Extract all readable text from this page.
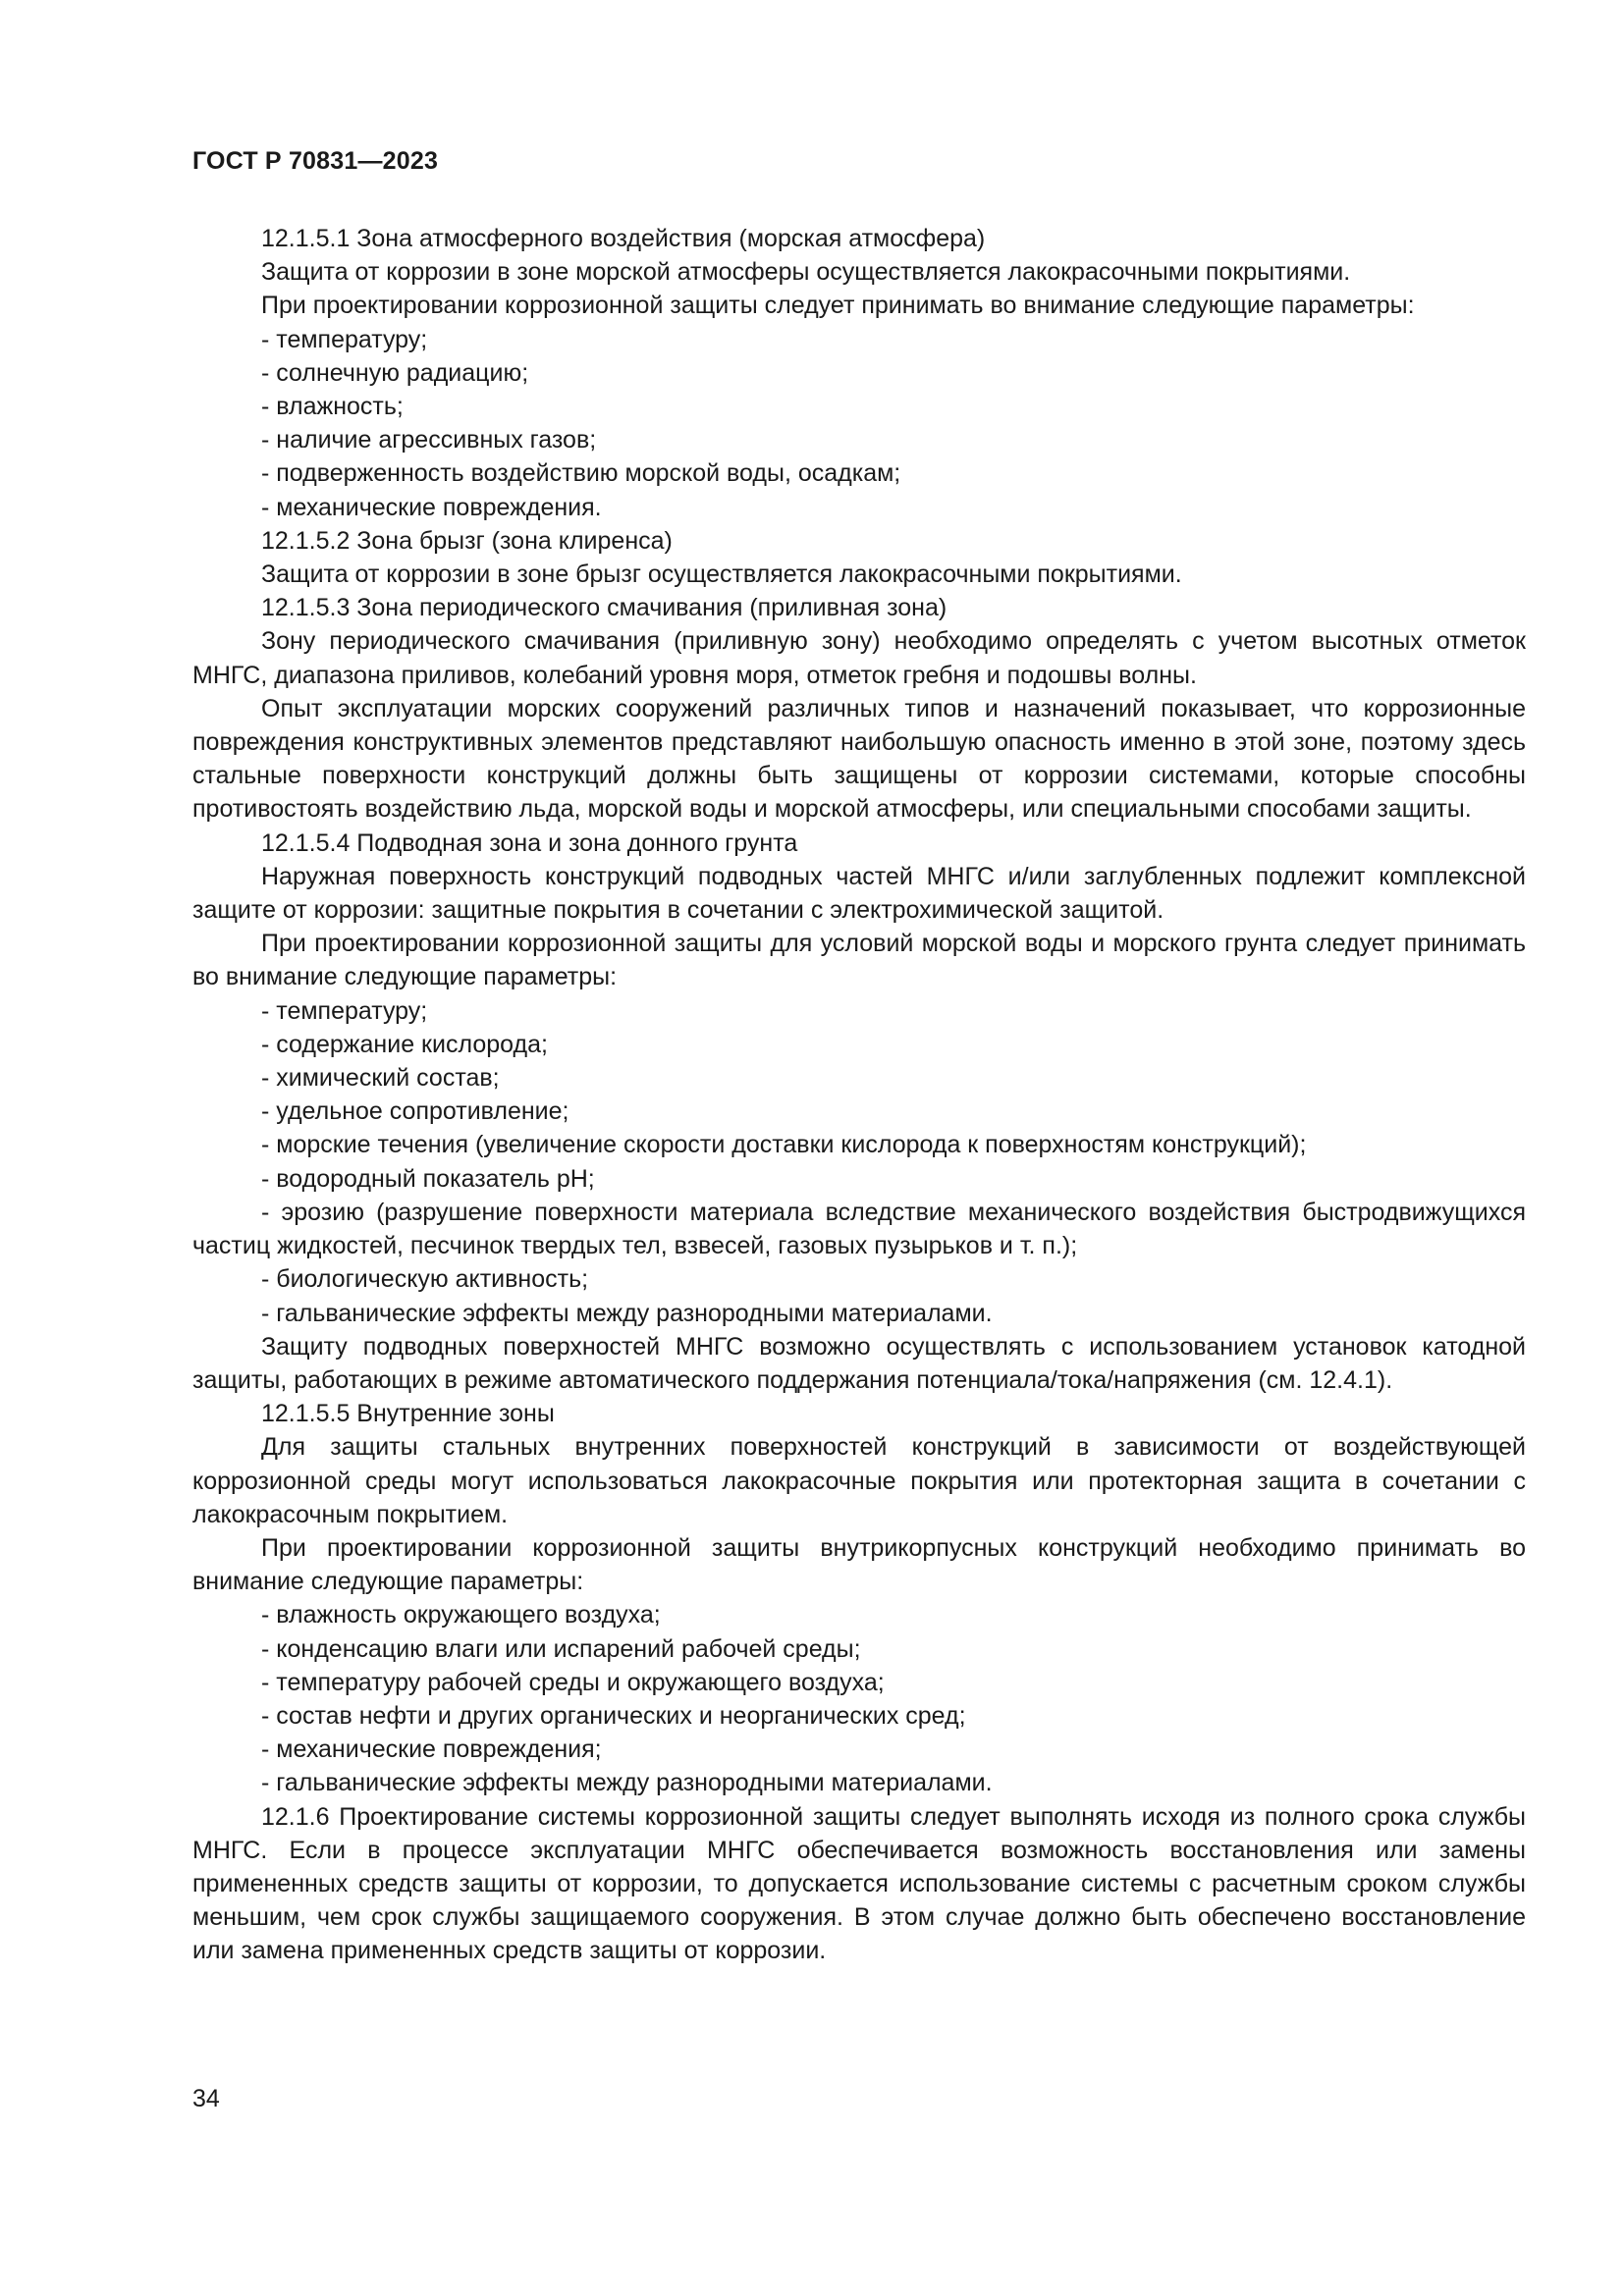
ГОСТ Р 70831—2023

12.1.5.1 Зона атмосферного воздействия (морская атмосфера)

Защита от коррозии в зоне морской атмосферы осуществляется лакокрасочными покрытиями.

При проектировании коррозионной защиты следует принимать во внимание следующие параметры:

- температуру;

- солнечную радиацию;

- влажность;

- наличие агрессивных газов;

- подверженность воздействию морской воды, осадкам;

- механические повреждения.

12.1.5.2 Зона брызг (зона клиренса)

Защита от коррозии в зоне брызг осуществляется лакокрасочными покрытиями.

12.1.5.3 Зона периодического смачивания (приливная зона)

Зону периодического смачивания (приливную зону) необходимо определять с учетом высотных отметок МНГС, диапазона приливов, колебаний уровня моря, отметок гребня и подошвы волны.

Опыт эксплуатации морских сооружений различных типов и назначений показывает, что коррозионные повреждения конструктивных элементов представляют наибольшую опасность именно в этой зоне, поэтому здесь стальные поверхности конструкций должны быть защищены от коррозии системами, которые способны противостоять воздействию льда, морской воды и морской атмосферы, или специальными способами защиты.

12.1.5.4 Подводная зона и зона донного грунта

Наружная поверхность конструкций подводных частей МНГС и/или заглубленных подлежит комплексной защите от коррозии: защитные покрытия в сочетании с электрохимической защитой.

При проектировании коррозионной защиты для условий морской воды и морского грунта следует принимать во внимание следующие параметры:

- температуру;

- содержание кислорода;

- химический состав;

- удельное сопротивление;

- морские течения (увеличение скорости доставки кислорода к поверхностям конструкций);

- водородный показатель рН;

- эрозию (разрушение поверхности материала вследствие механического воздействия быстродвижущихся частиц жидкостей, песчинок твердых тел, взвесей, газовых пузырьков и т. п.);

- биологическую активность;

- гальванические эффекты между разнородными материалами.

Защиту подводных поверхностей МНГС возможно осуществлять с использованием установок катодной защиты, работающих в режиме автоматического поддержания потенциала/тока/напряжения (см. 12.4.1).

12.1.5.5 Внутренние зоны

Для защиты стальных внутренних поверхностей конструкций в зависимости от воздействующей коррозионной среды могут использоваться лакокрасочные покрытия или протекторная защита в сочетании с лакокрасочным покрытием.

При проектировании коррозионной защиты внутрикорпусных конструкций необходимо принимать во внимание следующие параметры:

- влажность окружающего воздуха;

- конденсацию влаги или испарений рабочей среды;

- температуру рабочей среды и окружающего воздуха;

- состав нефти и других органических и неорганических сред;

- механические повреждения;

- гальванические эффекты между разнородными материалами.

12.1.6 Проектирование системы коррозионной защиты следует выполнять исходя из полного срока службы МНГС. Если в процессе эксплуатации МНГС обеспечивается возможность восстановления или замены примененных средств защиты от коррозии, то допускается использование системы с расчетным сроком службы меньшим, чем срок службы защищаемого сооружения. В этом случае должно быть обеспечено восстановление или замена примененных средств защиты от коррозии.

34
